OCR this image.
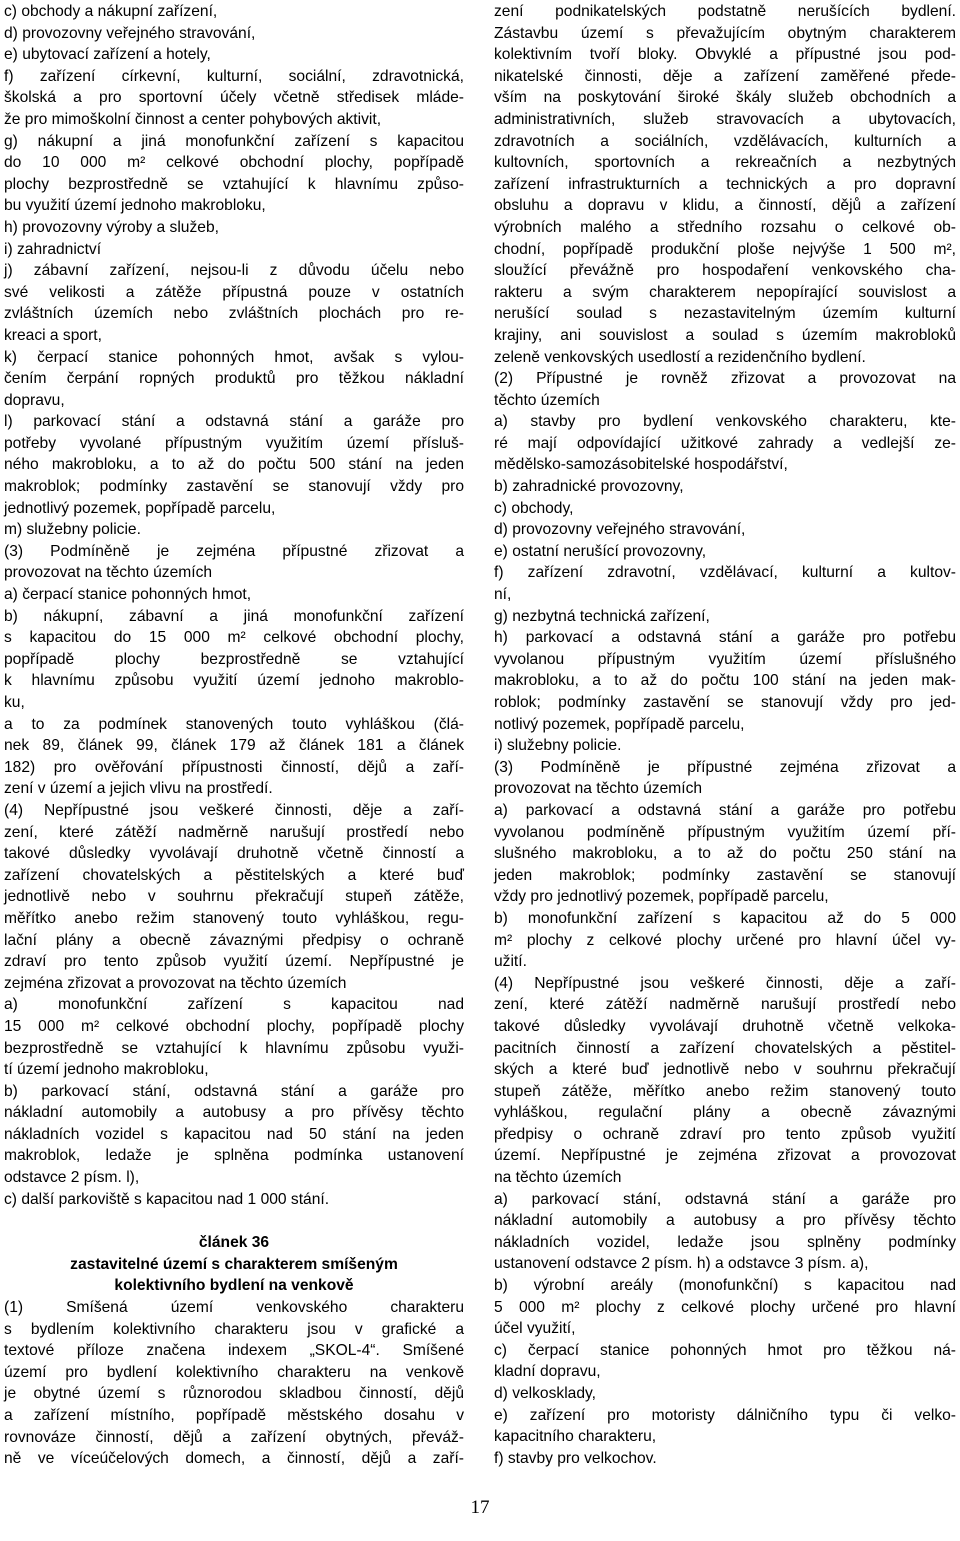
c) obchody a nákupní zařízení,
d) provozovny veřejného stravování,
e) ubytovací zařízení a hotely,
f) zařízení církevní, kulturní, sociální, zdravotnická,
školská a pro sportovní účely včetně středisek mláde-
že pro mimoškolní činnost a center pohybových aktivit,
g) nákupní a jiná monofunkční zařízení s kapacitou
do 10 000 m² celkové obchodní plochy, popřípadě
plochy bezprostředně se vztahující k hlavnímu způso-
bu využití území jednoho makrobloku,
h) provozovny výroby a služeb,
i) zahradnictví
j) zábavní zařízení, nejsou-li z důvodu účelu nebo
své velikosti a zátěže přípustná pouze v ostatních
zvláštních územích nebo zvláštních plochách pro re-
kreaci a sport,
k) čerpací stanice pohonných hmot, avšak s vylou-
čením čerpání ropných produktů pro těžkou nákladní
dopravu,
l) parkovací stání a odstavná stání a garáže pro
potřeby vyvolané přípustným využitím území přísluš-
ného makrobloku, a to až do počtu 500 stání na jeden
makroblok; podmínky zastavění se stanovují vždy pro
jednotlivý pozemek, popřípadě parcelu,
m) služebny policie.
(3) Podmíněně je zejména přípustné zřizovat a
provozovat na těchto územích
a) čerpací stanice pohonných hmot,
b) nákupní, zábavní a jiná monofunkční zařízení
s kapacitou do 15 000 m² celkové obchodní plochy,
popřípadě plochy bezprostředně se vztahující
k hlavnímu způsobu využití území jednoho makroblo-
ku,
a to za podmínek stanovených touto vyhláškou (člá-
nek 89, článek 99, článek 179 až článek 181 a článek
182) pro ověřování přípustnosti činností, dějů a zaří-
zení v území a jejich vlivu na prostředí.
(4) Nepřípustné jsou veškeré činnosti, děje a zaří-
zení, které zátěží nadměrně narušují prostředí nebo
takové důsledky vyvolávají druhotně včetně činností a
zařízení chovatelských a pěstitelských a které buď
jednotlivě nebo v souhrnu překračují stupeň zátěže,
měřítko anebo režim stanovený touto vyhláškou, regu-
lační plány a obecně závaznými předpisy o ochraně
zdraví pro tento způsob využití území. Nepřípustné je
zejména zřizovat a provozovat na těchto územích
a) monofunkční zařízení s kapacitou nad
15 000 m² celkové obchodní plochy, popřípadě plochy
bezprostředně se vztahující k hlavnímu způsobu využi-
tí území jednoho makrobloku,
b) parkovací stání, odstavná stání a garáže pro
nákladní automobily a autobusy a pro přívěsy těchto
nákladních vozidel s kapacitou nad 50 stání na jeden
makroblok, ledaže je splněna podmínka ustanovení
odstavce 2 písm. l),
c) další parkoviště s kapacitou nad 1 000 stání.
článek 36
zastavitelné území s charakterem smíšeným
kolektivního bydlení na venkově
(1) Smíšená území venkovského charakteru
s bydlením kolektivního charakteru jsou v grafické a
textové příloze značena indexem „SKOL-4“. Smíšené
území pro bydlení kolektivního charakteru na venkově
je obytné území s různorodou skladbou činností, dějů
a zařízení místního, popřípadě městského dosahu v
rovnováze činností, dějů a zařízení obytných, převáž-
ně ve víceúčelových domech, a činností, dějů a zaří-
zení podnikatelských podstatně nerušících bydlení.
Zástavbu území s převažujícím obytným charakterem
kolektivním tvoří bloky. Obvyklé a přípustné jsou pod-
nikatelské činnosti, děje a zařízení zaměřené přede-
vším na poskytování široké škály služeb obchodních a
administrativních, služeb stravovacích a ubytovacích,
zdravotních a sociálních, vzdělávacích, kulturních a
kultovních, sportovních a rekreačních a nezbytných
zařízení infrastrukturních a technických a pro dopravní
obsluhu a dopravu v klidu, a činností, dějů a zařízení
výrobních malého a středního rozsahu o celkové ob-
chodní, popřípadě produkční ploše nejvýše 1 500 m²,
sloužící převážně pro hospodaření venkovského cha-
rakteru a svým charakterem nepopírající souvislost a
nerušící soulad s nezastavitelným územím kulturní
krajiny, ani souvislost a soulad s územím makrobloků
zeleně venkovských usedlostí a rezidenčního bydlení.
(2) Přípustné je rovněž zřizovat a provozovat na
těchto územích
a) stavby pro bydlení venkovského charakteru, kte-
ré mají odpovídající užitkové zahrady a vedlejší ze-
mědělsko-samozásobitelské hospodářství,
b) zahradnické provozovny,
c) obchody,
d) provozovny veřejného stravování,
e) ostatní nerušící provozovny,
f) zařízení zdravotní, vzdělávací, kulturní a kultov-
ní,
g) nezbytná technická zařízení,
h) parkovací a odstavná stání a garáže pro potřebu
vyvolanou přípustným využitím území příslušného
makrobloku, a to až do počtu 100 stání na jeden mak-
roblok; podmínky zastavění se stanovují vždy pro jed-
notlivý pozemek, popřípadě parcelu,
i) služebny policie.
(3) Podmíněně je přípustné zejména zřizovat a
provozovat na těchto územích
a) parkovací a odstavná stání a garáže pro potřebu
vyvolanou podmíněně přípustným využitím území pří-
slušného makrobloku, a to až do počtu 250 stání na
jeden makroblok; podmínky zastavění se stanovují
vždy pro jednotlivý pozemek, popřípadě parcelu,
b) monofunkční zařízení s kapacitou až do 5 000
m² plochy z celkové plochy určené pro hlavní účel vy-
užití.
(4) Nepřípustné jsou veškeré činnosti, děje a zaří-
zení, které zátěží nadměrně narušují prostředí nebo
takové důsledky vyvolávají druhotně včetně velkoka-
pacitních činností a zařízení chovatelských a pěstitel-
ských a které buď jednotlivě nebo v souhrnu překračují
stupeň zátěže, měřítko anebo režim stanovený touto
vyhláškou, regulační plány a obecně závaznými
předpisy o ochraně zdraví pro tento způsob využití
území. Nepřípustné je zejména zřizovat a provozovat
na těchto územích
a) parkovací stání, odstavná stání a garáže pro
nákladní automobily a autobusy a pro přívěsy těchto
nákladních vozidel, ledaže jsou splněny podmínky
ustanovení odstavce 2 písm. h) a odstavce 3 písm. a),
b) výrobní areály (monofunkční) s kapacitou nad
5 000 m² plochy z celkové plochy určené pro hlavní
účel využití,
c) čerpací stanice pohonných hmot pro těžkou ná-
kladní dopravu,
d) velkosklady,
e) zařízení pro motoristy dálničního typu či velko-
kapacitního charakteru,
f) stavby pro velkochov.
17
